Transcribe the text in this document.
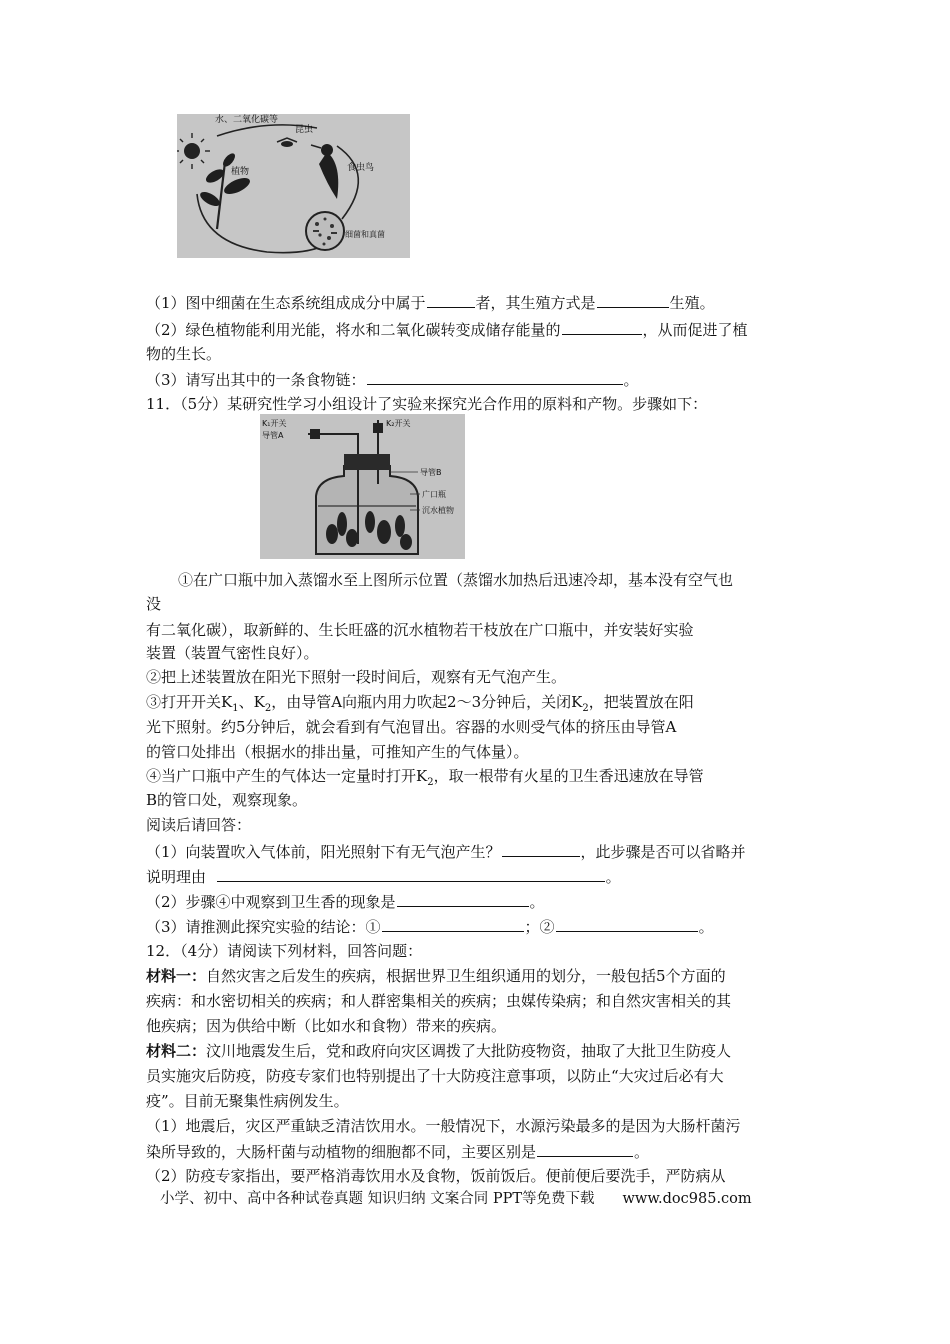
水、二氧化碳等
昆虫
植物	食虫鸟
细菌和真菌
（1）图中细菌在生态系统组成成分中属于	者，其生殖方式是	生殖。
（2）绿色植物能利用光能，将水和二氧化碳转变成储存能量的	，从而促进了植
物的生长。
（3）请写出其中的一条食物链：	。
11．（5分）某研究性学习小组设计了实验来探究光合作用的原料和产物。步骤如下：
K₁开关
导管A
K₂开关
导管B
广口瓶
沉水植物
①在广口瓶中加入蒸馏水至上图所示位置（蒸馏水加热后迅速冷却，基本没有空气也
没
有二氧化碳），取新鲜的、生长旺盛的沉水植物若干枝放在广口瓶中，并安装好实验
装置（装置气密性良好）。
②把上述装置放在阳光下照射一段时间后，观察有无气泡产生。
③打开开关$K_1$、$K_2$，由导管A向瓶内用力吹起2～3分钟后，关闭$K_2$，把装置放在阳
光下照射。约5分钟后，就会看到有气泡冒出。容器的水则受气体的挤压由导管A
的管口处排出（根据水的排出量，可推知产生的气体量）。
④当广口瓶中产生的气体达一定量时打开$K_2$，取一根带有火星的卫生香迅速放在导管
B的管口处，观察现象。
阅读后请回答：
（1）向装置吹入气体前，阳光照射下有无气泡产生？	，此步骤是否可以省略并
说明理由	。
（2）步骤④中观察到卫生香的现象是	。
（3）请推测此探究实验的结论：①	；②	。
12．（4分）请阅读下列材料，回答问题：
材料一：自然灾害之后发生的疾病，根据世界卫生组织通用的划分，一般包括5个方面的
疾病：和水密切相关的疾病；和人群密集相关的疾病；虫媒传染病；和自然灾害相关的其
他疾病；因为供给中断（比如水和食物）带来的疾病。
材料二：汶川地震发生后，党和政府向灾区调拨了大批防疫物资，抽取了大批卫生防疫人
员实施灾后防疫，防疫专家们也特别提出了十大防疫注意事项，以防止“大灾过后必有大
疫”。目前无聚集性病例发生。
（1）地震后，灾区严重缺乏清洁饮用水。一般情况下，水源污染最多的是因为大肠杆菌污
染所导致的，大肠杆菌与动植物的细胞都不同，主要区别是	。
（2）防疫专家指出，要严格消毒饮用水及食物，饭前饭后。便前便后要洗手，严防病从
小学、初中、高中各种试卷真题 知识归纳 文案合同 PPT等免费下载 www.doc985.com
